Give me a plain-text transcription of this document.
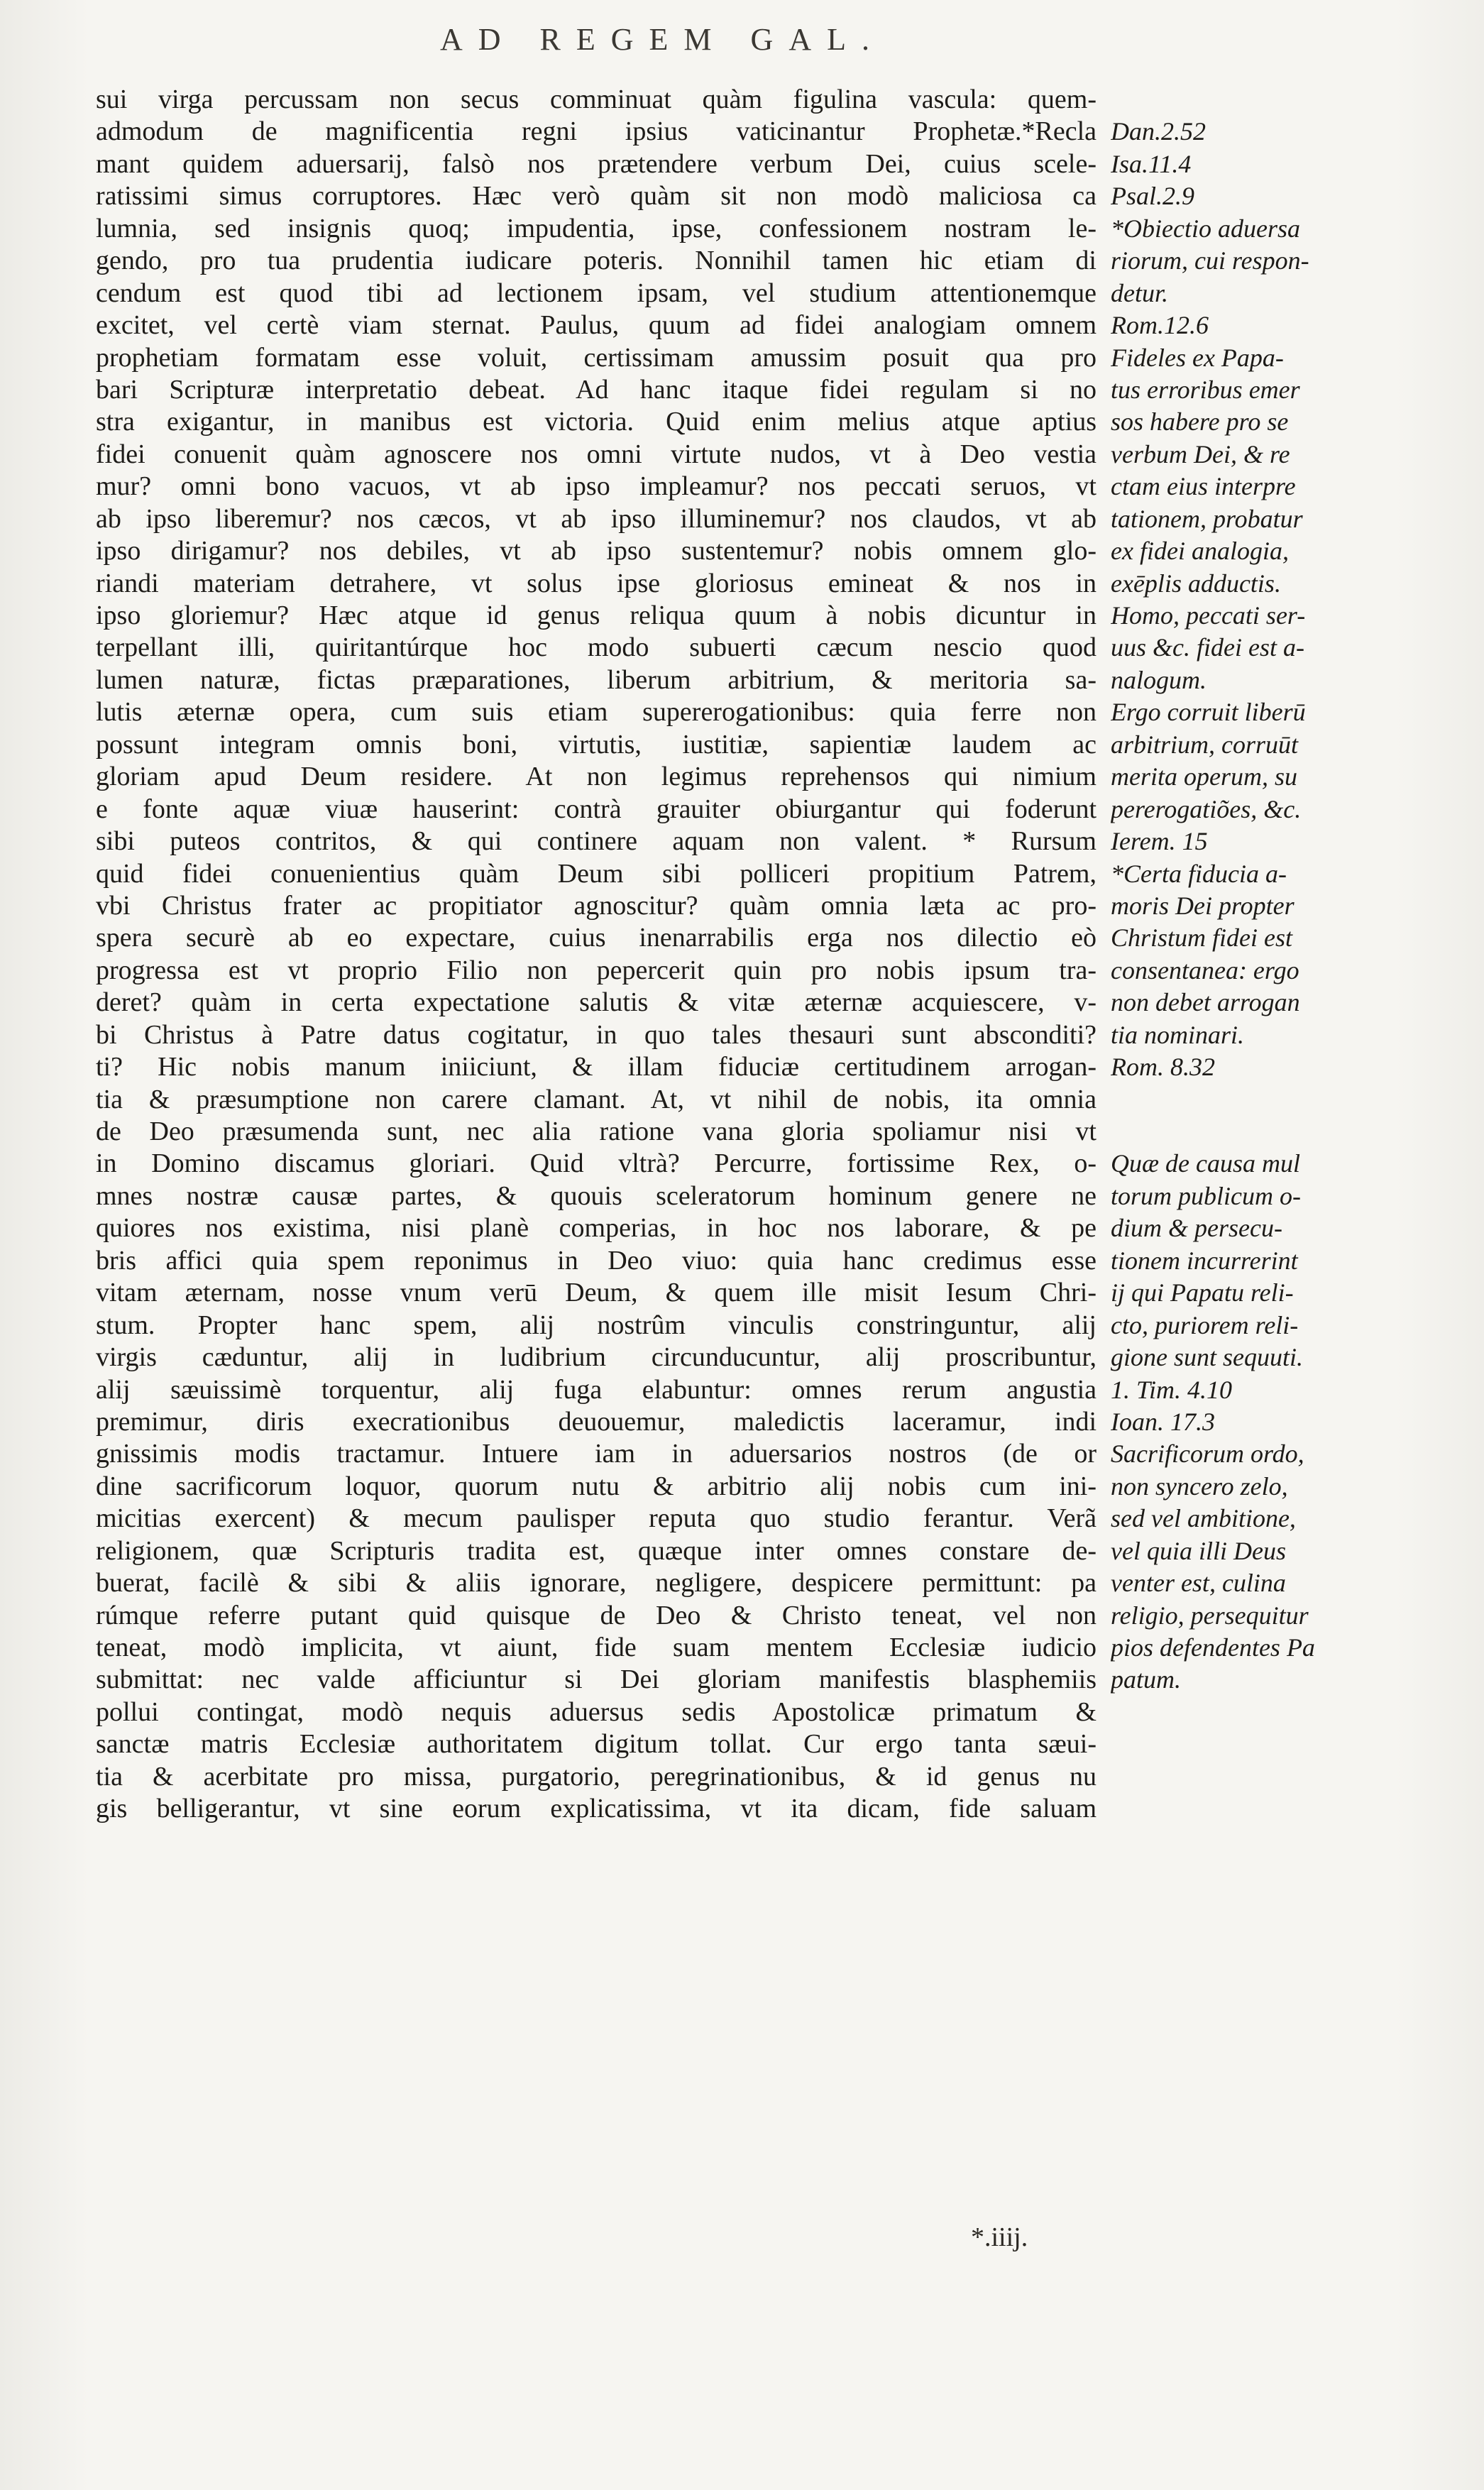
AD REGEM GAL.
sui virga percussam non secus comminuat quàm figulina vascula: quem-
admodum de magnificentia regni ipsius vaticinantur Prophetæ.*Recla
mant quidem aduersarij, falsò nos prætendere verbum Dei, cuius scele-
ratissimi simus corruptores. Hæc verò quàm sit non modò maliciosa ca
lumnia, sed insignis quoq; impudentia, ipse, confessionem nostram le-
gendo, pro tua prudentia iudicare poteris. Nonnihil tamen hic etiam di
cendum est quod tibi ad lectionem ipsam, vel studium attentionemque
excitet, vel certè viam sternat. Paulus, quum ad fidei analogiam omnem
prophetiam formatam esse voluit, certissimam amussim posuit qua pro
bari Scripturæ interpretatio debeat. Ad hanc itaque fidei regulam si no
stra exigantur, in manibus est victoria. Quid enim melius atque aptius
fidei conuenit quàm agnoscere nos omni virtute nudos, vt à Deo vestia
mur? omni bono vacuos, vt ab ipso impleamur? nos peccati seruos, vt
ab ipso liberemur? nos cæcos, vt ab ipso illuminemur? nos claudos, vt ab
ipso dirigamur? nos debiles, vt ab ipso sustentemur? nobis omnem glo-
riandi materiam detrahere, vt solus ipse gloriosus emineat & nos in
ipso gloriemur? Hæc atque id genus reliqua quum à nobis dicuntur in
terpellant illi, quiritantúrque hoc modo subuerti cæcum nescio quod
lumen naturæ, fictas præparationes, liberum arbitrium, & meritoria sa-
lutis æternæ opera, cum suis etiam supererogationibus: quia ferre non
possunt integram omnis boni, virtutis, iustitiæ, sapientiæ laudem ac
gloriam apud Deum residere. At non legimus reprehensos qui nimium
e fonte aquæ viuæ hauserint: contrà grauiter obiurgantur qui foderunt
sibi puteos contritos, & qui continere aquam non valent. * Rursum
quid fidei conuenientius quàm Deum sibi polliceri propitium Patrem,
vbi Christus frater ac propitiator agnoscitur? quàm omnia læta ac pro-
spera securè ab eo expectare, cuius inenarrabilis erga nos dilectio eò
progressa est vt proprio Filio non pepercerit quin pro nobis ipsum tra-
deret? quàm in certa expectatione salutis & vitæ æternæ acquiescere, v-
bi Christus à Patre datus cogitatur, in quo tales thesauri sunt absconditi?
ti? Hic nobis manum iniiciunt, & illam fiduciæ certitudinem arrogan-
tia & præsumptione non carere clamant. At, vt nihil de nobis, ita omnia
de Deo præsumenda sunt, nec alia ratione vana gloria spoliamur nisi vt
in Domino discamus gloriari. Quid vltrà? Percurre, fortissime Rex, o-
mnes nostræ causæ partes, & quouis sceleratorum hominum genere ne
quiores nos existima, nisi planè comperias, in hoc nos laborare, & pe
bris affici quia spem reponimus in Deo viuo: quia hanc credimus esse
vitam æternam, nosse vnum verū Deum, & quem ille misit Iesum Chri-
stum. Propter hanc spem, alij nostrûm vinculis constringuntur, alij
virgis cæduntur, alij in ludibrium circunducuntur, alij proscribuntur,
alij sæuissimè torquentur, alij fuga elabuntur: omnes rerum angustia
premimur, diris execrationibus deuouemur, maledictis laceramur, indi
gnissimis modis tractamur. Intuere iam in aduersarios nostros (de or
dine sacrificorum loquor, quorum nutu & arbitrio alij nobis cum ini-
micitias exercent) & mecum paulisper reputa quo studio ferantur. Verã
religionem, quæ Scripturis tradita est, quæque inter omnes constare de-
buerat, facilè & sibi & aliis ignorare, negligere, despicere permittunt: pa
rúmque referre putant quid quisque de Deo & Christo teneat, vel non
teneat, modò implicita, vt aiunt, fide suam mentem Ecclesiæ iudicio
submittat: nec valde afficiuntur si Dei gloriam manifestis blasphemiis
pollui contingat, modò nequis aduersus sedis Apostolicæ primatum &
sanctæ matris Ecclesiæ authoritatem digitum tollat. Cur ergo tanta sæui-
tia & acerbitate pro missa, purgatorio, peregrinationibus, & id genus nu
gis belligerantur, vt sine eorum explicatissima, vt ita dicam, fide saluam
Dan.2.52
Isa.11.4
Psal.2.9
*Obiectio aduersa
riorum, cui respon-
detur.
Rom.12.6
Fideles ex Papa-
tus erroribus emer
sos habere pro se
verbum Dei, & re
ctam eius interpre
tationem, probatur
ex fidei analogia,
exēplis adductis.
Homo, peccati ser-
uus &c. fidei est a-
nalogum.
Ergo corruit liberū
arbitrium, corruūt
merita operum, su
pererogatiões, &c.
Ierem. 15
*Certa fiducia a-
moris Dei propter
Christum fidei est
consentanea: ergo
non debet arrogan
tia nominari.
Rom. 8.32
Quæ de causa mul
torum publicum o-
dium & persecu-
tionem incurrerint
ij qui Papatu reli-
cto, puriorem reli-
gione sunt sequuti.
1. Tim. 4.10
Ioan. 17.3
Sacrificorum ordo,
non syncero zelo,
sed vel ambitione,
vel quia illi Deus
venter est, culina
religio, persequitur
pios defendentes Pa
patum.
*.iiij.
